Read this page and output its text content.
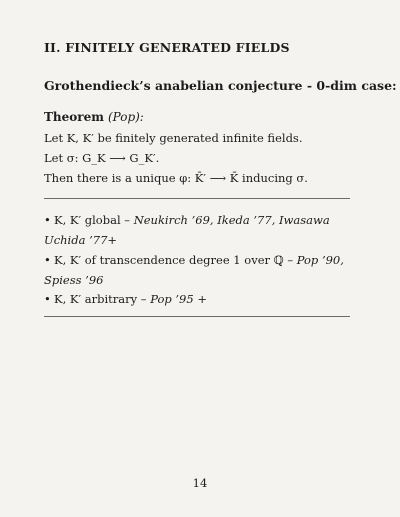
II. FINITELY GENERATED FIELDS
Grothendieck’s anabelian conjecture - 0-dim case:
Theorem (Pop):
Let K, K′ be finitely generated infinite fields.
Let σ: G_K ⟶ G_K′.
Then there is a unique φ: K̄′ ⟶ K̄ inducing σ.
• K, K′ global – Neukirch ’69, Ikeda ’77, Iwasawa
Uchida ’77+
• K, K′ of transcendence degree 1 over ℚ – Pop ’90,
Spiess ’96
• K, K′ arbitrary – Pop ’95 +
14
